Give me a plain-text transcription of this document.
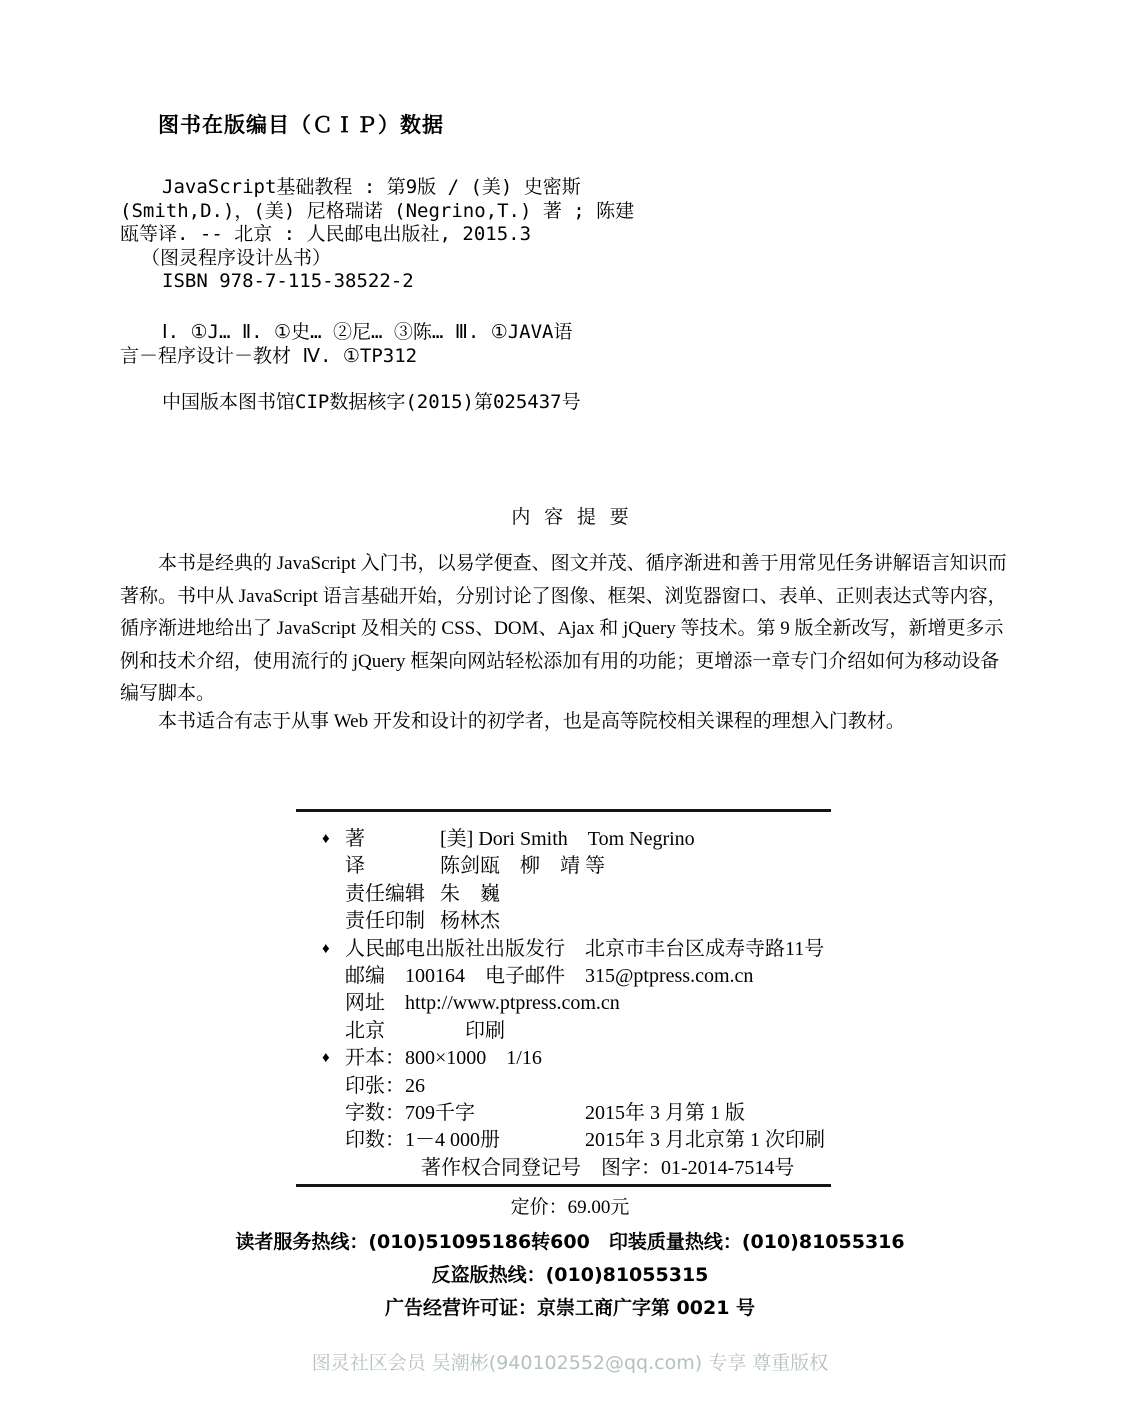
图书在版编目（ＣＩＰ）数据
JavaScript基础教程 : 第9版 / (美) 史密斯
(Smith,D.)，(美) 尼格瑞诺 (Negrino,T.) 著 ; 陈建
瓯等译. -- 北京 : 人民邮电出版社, 2015.3
（图灵程序设计丛书）
ISBN 978-7-115-38522-2
Ⅰ. ①J… Ⅱ. ①史… ②尼… ③陈… Ⅲ. ①JAVA语
言－程序设计－教材 Ⅳ. ①TP312
中国版本图书馆CIP数据核字(2015)第025437号
内 容 提 要
本书是经典的 JavaScript 入门书，以易学便查、图文并茂、循序渐进和善于用常见任务讲解语言知识而
著称。书中从 JavaScript 语言基础开始，分别讨论了图像、框架、浏览器窗口、表单、正则表达式等内容，
循序渐进地给出了 JavaScript 及相关的 CSS、DOM、Ajax 和 jQuery 等技术。第 9 版全新改写，新增更多示
例和技术介绍，使用流行的 jQuery 框架向网站轻松添加有用的功能；更增添一章专门介绍如何为移动设备
编写脚本。
本书适合有志于从事 Web 开发和设计的初学者，也是高等院校相关课程的理想入门教材。
♦ 著	[美] Dori Smith　Tom Negrino
译	陈剑瓯　柳　靖 等
责任编辑 朱　巍
责任印制 杨林杰
♦ 人民邮电出版社出版发行 北京市丰台区成寿寺路11号
邮编　100164　电子邮件　315@ptpress.com.cn
网址　http://www.ptpress.com.cn
北京　　　　印刷
♦ 开本：800×1000　1/16
印张：26
字数：709千字	2015年 3 月第 1 版
印数：1－4 000册	2015年 3 月北京第 1 次印刷
著作权合同登记号　图字：01-2014-7514号
定价：69.00元
读者服务热线：(010)51095186转600　印装质量热线：(010)81055316
反盗版热线：(010)81055315
广告经营许可证：京崇工商广字第 0021 号
图灵社区会员 吴潮彬(940102552@qq.com) 专享 尊重版权
